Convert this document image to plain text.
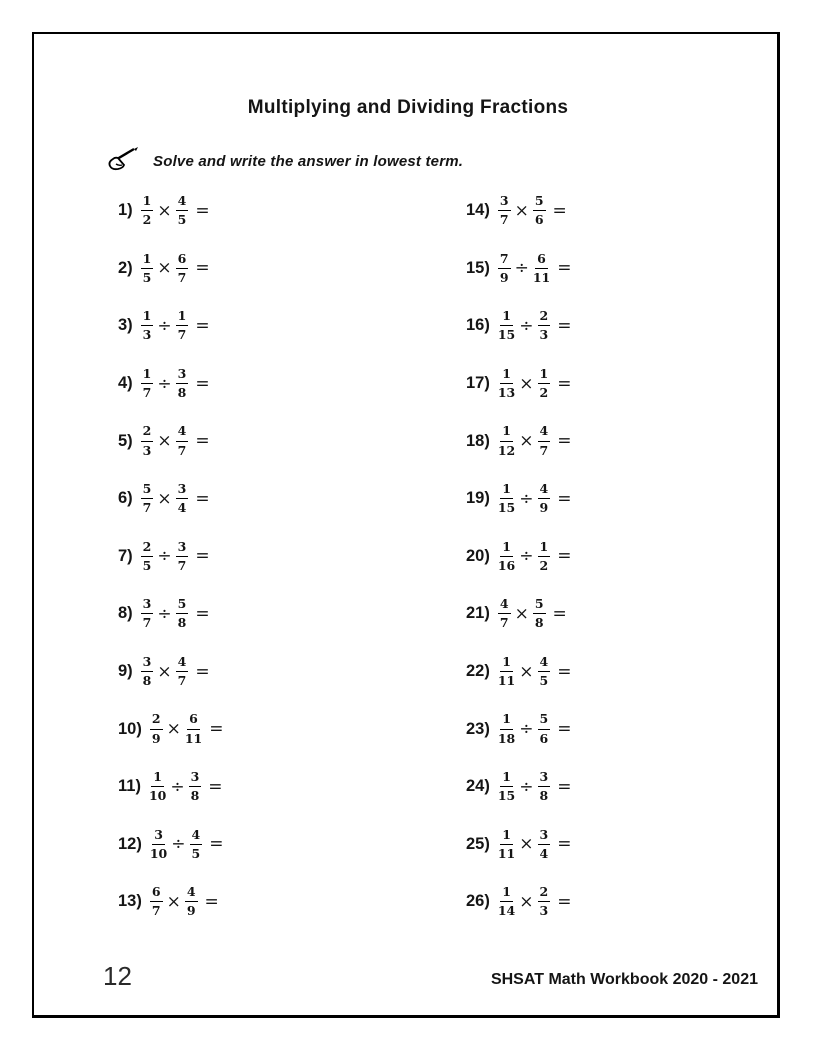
Multiplying and Dividing Fractions
Solve and write the answer in lowest term.
$1) \frac{1}{2} \times \frac{4}{5}$ =
$2) \frac{1}{5} \times \frac{6}{7}$ =
$3) \frac{1}{3} \div \frac{1}{7}$ =
$4) \frac{1}{7} \div \frac{3}{8}$ =
$5) \frac{2}{3} \times \frac{4}{7}$ =
$6) \frac{5}{7} \times \frac{3}{4}$ =
$7) \frac{2}{5} \div \frac{3}{7}$ =
$8) \frac{3}{7} \div \frac{5}{8}$ =
$9) \frac{3}{8} \times \frac{4}{7}$ =
$10) \frac{2}{9} \times \frac{6}{11}$ =
$11) \frac{1}{10} \div \frac{3}{8}$ =
$12) \frac{3}{10} \div \frac{4}{5}$ =
$13) \frac{6}{7} \times \frac{4}{9}$ =
$14) \frac{3}{7} \times \frac{5}{6}$ =
$15) \frac{7}{9} \div \frac{6}{11}$ =
$16) \frac{1}{15} \div \frac{2}{3}$ =
$17) \frac{1}{13} \times \frac{1}{2}$ =
$18) \frac{1}{12} \times \frac{4}{7}$ =
$19) \frac{1}{15} \div \frac{4}{9}$ =
$20) \frac{1}{16} \div \frac{1}{2}$ =
$21) \frac{4}{7} \times \frac{5}{8}$ =
$22) \frac{1}{11} \times \frac{4}{5}$ =
$23) \frac{1}{18} \div \frac{5}{6}$ =
$24) \frac{1}{15} \div \frac{3}{8}$ =
$25) \frac{1}{11} \times \frac{3}{4}$ =
$26) \frac{1}{14} \times \frac{2}{3}$ =
12	SHSAT Math Workbook 2020 - 2021
